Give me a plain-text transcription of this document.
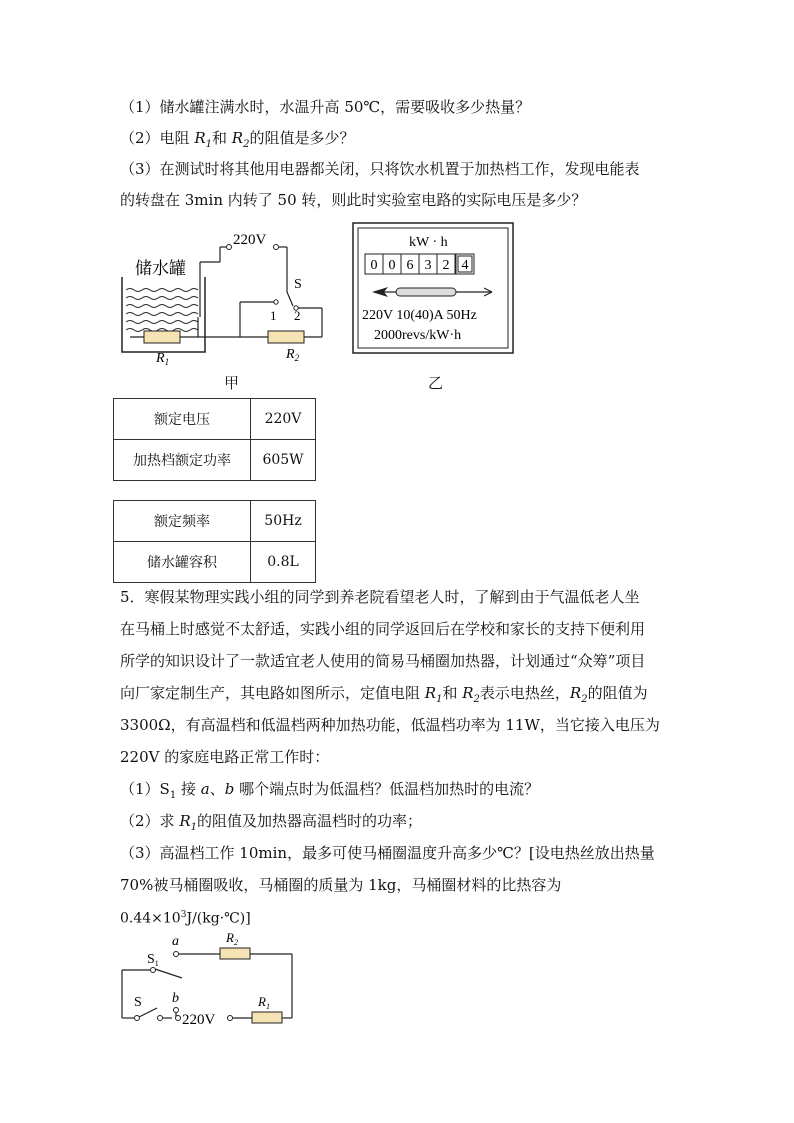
（1）储水罐注满水时，水温升高 50℃，需要吸收多少热量？
（2）电阻 $R_1$和 $R_2$的阻值是多少？
（3）在测试时将其他用电器都关闭，只将饮水机置于加热档工作，发现电能表
的转盘在 3min 内转了 50 转，则此时实验室电路的实际电压是多少？
储水罐
$R_1$
220V
S
1 2
$R_2$
甲
kW · h
0 0 6 3 2 4
220V 10(40)A 50Hz
2000revs/kW·h
乙
额定电压	220V
加热档额定功率	605W
额定频率	50Hz
储水罐容积	0.8L
5．寒假某物理实践小组的同学到养老院看望老人时，了解到由于气温低老人坐
在马桶上时感觉不太舒适，实践小组的同学返回后在学校和家长的支持下便利用
所学的知识设计了一款适宜老人使用的简易马桶圈加热器，计划通过“众筹”项目
向厂家定制生产，其电路如图所示，定值电阻 $R_1$和 $R_2$表示电热丝，$R_2$的阻值为
3300Ω，有高温档和低温档两种加热功能，低温档功率为 11W，当它接入电压为
220V 的家庭电路正常工作时：
$(1)S_1$ 接 a、b 哪个端点时为低温档？低温档加热时的电流？
（2）求 $R_1$的阻值及加热器高温档时的功率；
（3）高温档工作 10min，最多可使马桶圈温度升高多少℃？[设电热丝放出热量
70%被马桶圈吸收，马桶圈的质量为 1kg，马桶圈材料的比热容为
$0.44\times 10^3J/(kg\cdot℃)$]
a	$R_2$
$S_1$
b
S
220V
$R_1$
